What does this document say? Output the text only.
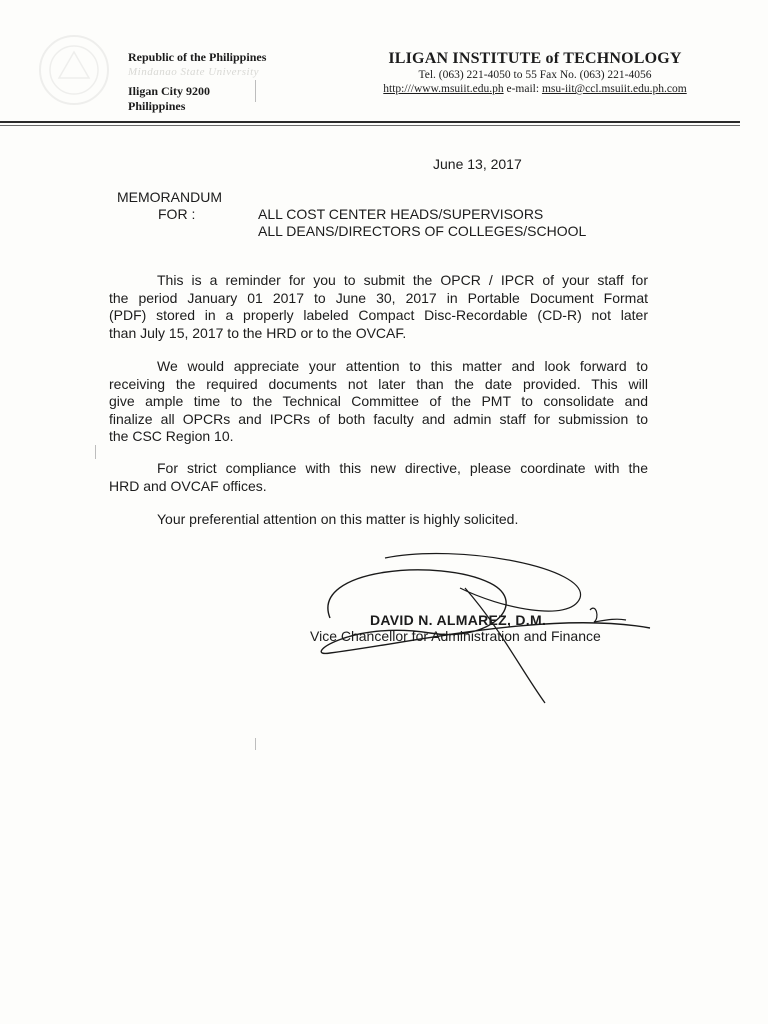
Republic of the Philippines
Iligan City 9200
Philippines
Mindanao State University
ILIGAN INSTITUTE of TECHNOLOGY
Tel. (063) 221-4050 to 55 Fax No. (063) 221-4056
http:///www.msuiit.edu.ph e-mail: msu-iit@ccl.msuiit.edu.ph.com
June 13, 2017
MEMORANDUM
FOR :	ALL COST CENTER HEADS/SUPERVISORS
ALL DEANS/DIRECTORS OF COLLEGES/SCHOOL
This is a reminder for you to submit the OPCR / IPCR of your staff for
the period January 01 2017 to June 30, 2017 in Portable Document Format
(PDF) stored in a properly labeled Compact Disc-Recordable (CD-R) not later
than July 15, 2017 to the HRD or to the OVCAF.
We would appreciate your attention to this matter and look forward to
receiving the required documents not later than the date provided. This will
give ample time to the Technical Committee of the PMT to consolidate and
finalize all OPCRs and IPCRs of both faculty and admin staff for submission to
the CSC Region 10.
For strict compliance with this new directive, please coordinate with the
HRD and OVCAF offices.
Your preferential attention on this matter is highly solicited.
DAVID N. ALMAREZ, D.M.
Vice Chancellor for Administration and Finance
